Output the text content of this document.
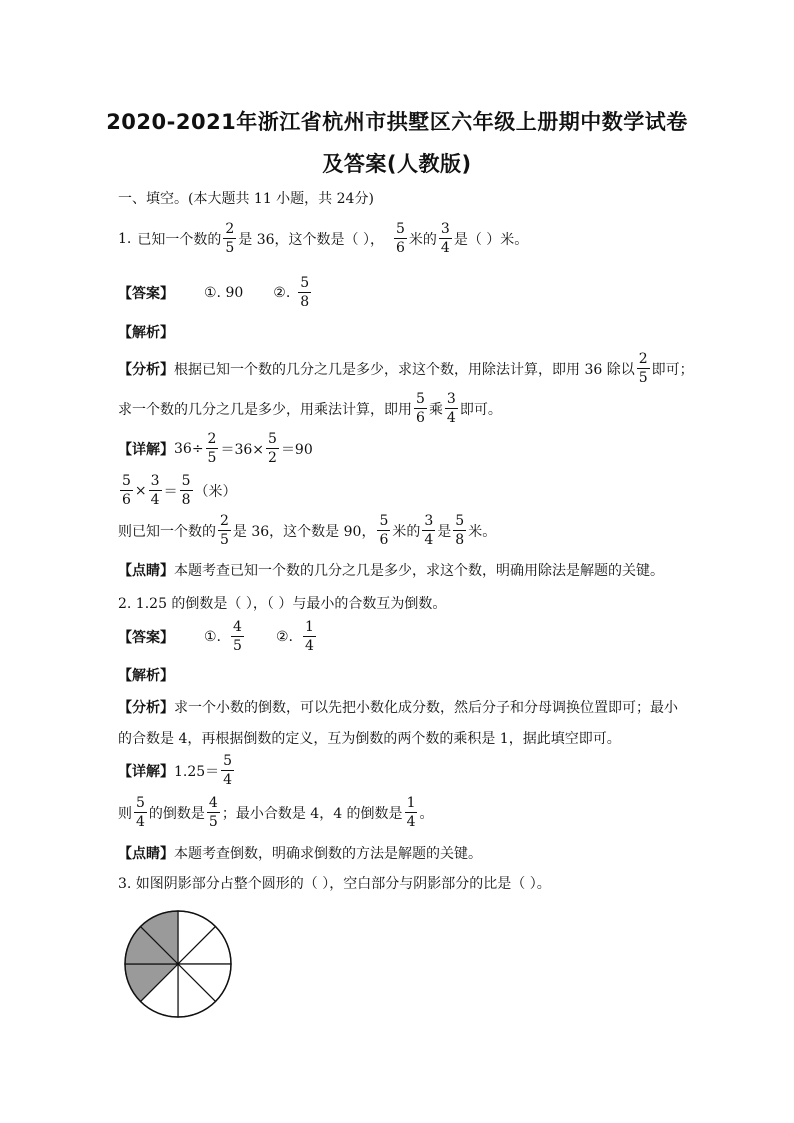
2020-2021年浙江省杭州市拱墅区六年级上册期中数学试卷
及答案(人教版)
一、填空。(本大题共 11 小题，共 24分)
1. 已知一个数的 $\frac{2}{5}$ 是 36，这个数是（ ）， $\frac{5}{6}$ 米的 $\frac{3}{4}$ 是（ ）米。
【答案】 ①. 90 ②. $\frac{5}{8}$
【解析】
【分析】 根据已知一个数的几分之几是多少，求这个数，用除法计算，即用 36 除以 $\frac{2}{5}$ 即可；
求一个数的几分之几是多少，用乘法计算，即用 $\frac{5}{6}$ 乘 $\frac{3}{4}$ 即可。
【详解】 $36\div \frac{2}{5} =36\times \frac{5}{2} =90$
$\frac{5}{6} \times \frac{3}{4} = \frac{5}{8}$ （米）
则已知一个数的 $\frac{2}{5}$ 是 36，这个数是 90， $\frac{5}{6}$ 米的 $\frac{3}{4}$ 是 $\frac{5}{8}$ 米。
【点睛】 本题考查已知一个数的几分之几是多少，求这个数，明确用除法是解题的关键。
2. 1.25 的倒数是（ ），（ ）与最小的合数互为倒数。
【答案】 ①. $\frac{4}{5}$ ②. $\frac{1}{4}$
【解析】
【分析】 求一个小数的倒数，可以先把小数化成分数，然后分子和分母调换位置即可；最小
的合数是 4，再根据倒数的定义，互为倒数的两个数的乘积是 1，据此填空即可。
【详解】 $1.25= \frac{5}{4}$
则 $\frac{5}{4}$ 的倒数是 $\frac{4}{5}$ ；最小合数是 4，4 的倒数是 $\frac{1}{4}$ 。
【点睛】 本题考查倒数，明确求倒数的方法是解题的关键。
3. 如图阴影部分占整个圆形的（ ），空白部分与阴影部分的比是（ ）。
